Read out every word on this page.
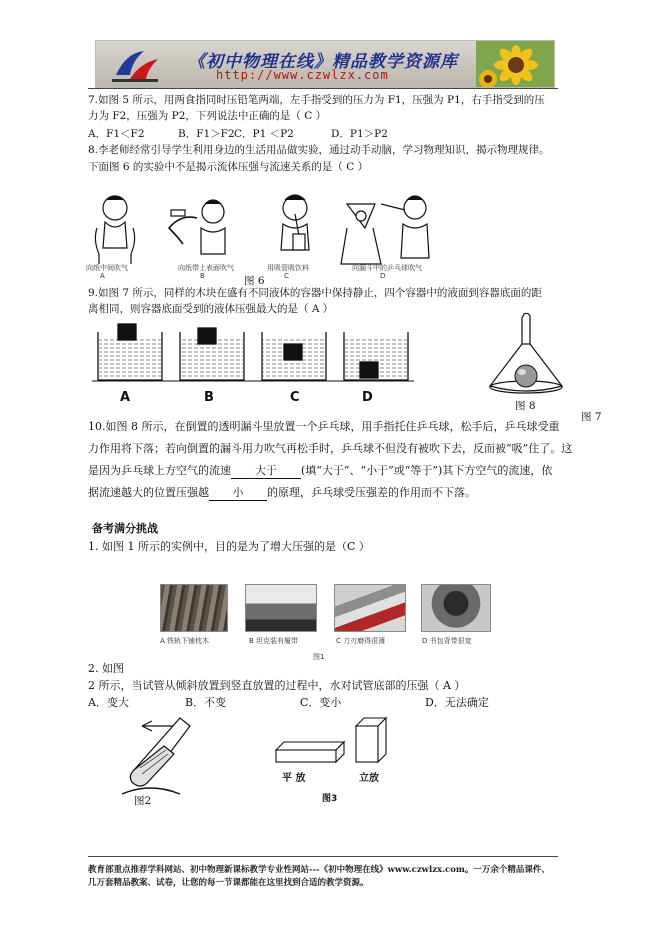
《初中物理在线》精品教学资源库
http://www.czwlzx.com
7.如图 5 所示，用两食指同时压铅笔两端，左手指受到的压力为 F1，压强为 P1，右手指受到的压
力为 F2，压强为 P2，下列说法中正确的是（ C ）
A．F1＜F2	B．F1＞F2 C．P1 ＜P2	D．P1＞P2
8.李老师经常引导学生利用身边的生活用品做实验，通过动手动脑，学习物理知识，揭示物理规律。
下面图 6 的实验中不是揭示流体压强与流速关系的是（ C ）
向纸中间吹气	向纸带上表面吹气	用吸管吸饮料	向漏斗中的乒乓球吹气
A	B	C	D
图 6
9.如图 7 所示，同样的木块在盛有不同液体的容器中保持静止，四个容器中的液面到容器底面的距
离相同，则容器底面受到的液体压强最大的是（ A ）
A	B	C	D
图 8
图 7
10.如图 8 所示，在倒置的透明漏斗里放置一个乒乓球，用手指托住乒乓球，松手后，乒乓球受重
力作用将下落；若向倒置的漏斗用力吹气再松手时，乒乓球不但没有被吹下去，反而被“吸”住了。这
是因为乒乓球上方空气的流速 大于 (填“大于”、“小于”或“等于”)其下方空气的流速，依
据流速越大的位置压强越 小 的原理，乒乓球受压强差的作用而不下落。
备考满分挑战
1. 如图 1 所示的实例中，目的是为了增大压强的是（C ）
A 铁轨下铺枕木	B 坦克装有履带	C 刀刃磨得很薄	D 书包背带很宽
图1
2. 如图
2 所示，当试管从倾斜放置到竖直放置的过程中，水对试管底部的压强（ A ）
A．变大	B．不变	C．变小	D．无法确定
图2
平 放	立放
图3
教育部重点推荐学科网站、初中物理新课标教学专业性网站---《初中物理在线》www.czwlzx.com。一万余个精品课件、
几万套精品教案、试卷，让您的每一节课都能在这里找到合适的教学资源。
